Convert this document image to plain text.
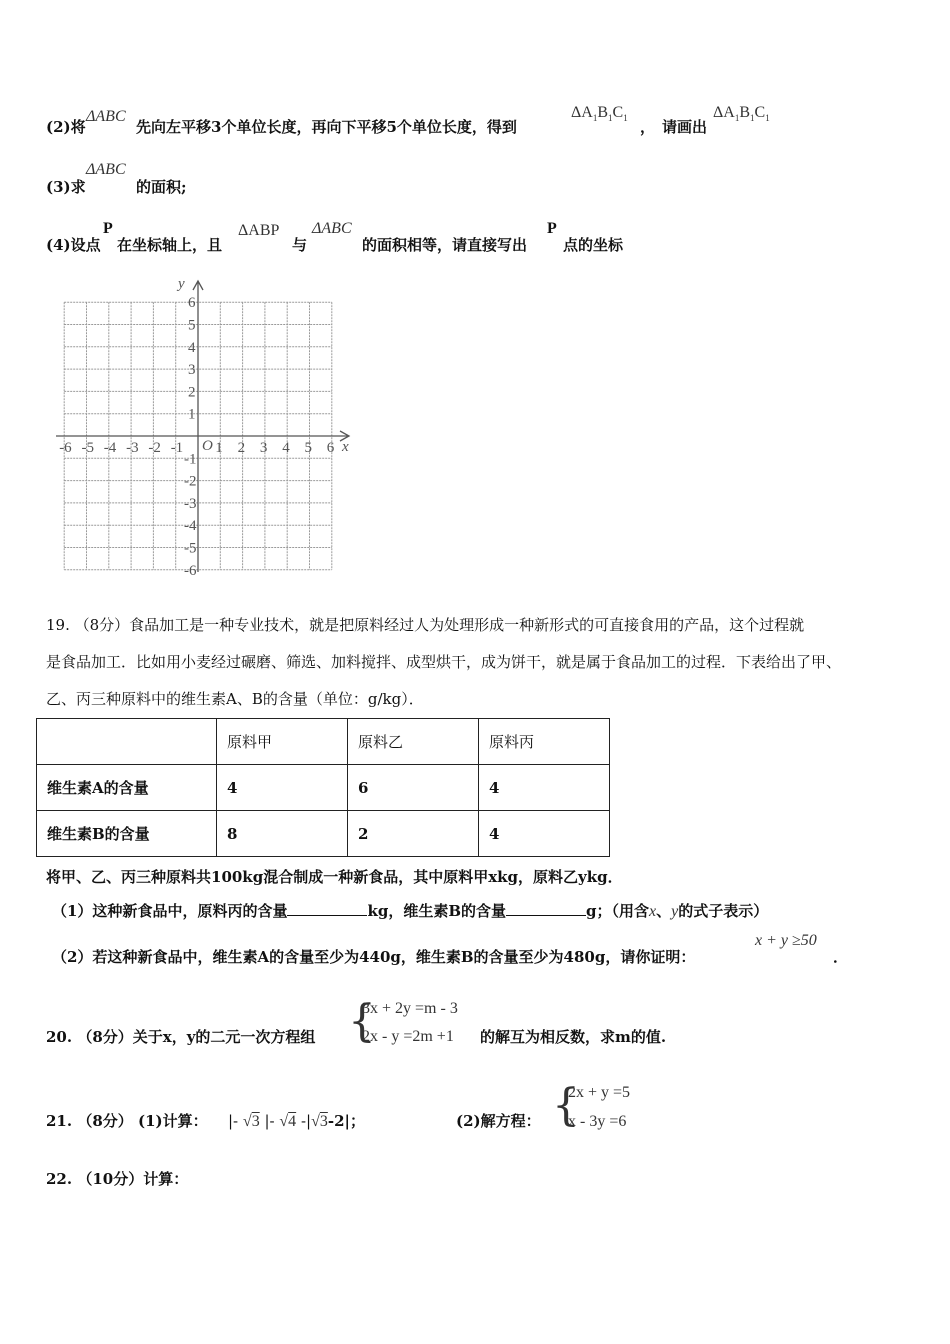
(2)将
ΔABC
先向左平移3个单位长度，再向下平移5个单位长度，得到
$\Delta A_1B_1C_1$ ， 请画出
$\Delta A_1B_1C_1$
(3)求
ΔABC
的面积;
(4)设点
P
在坐标轴上，且
ΔABP
与
ΔABC
的面积相等，请直接写出
P
点的坐标
x
y
O
-6 -5 -4 -3 -2 -1 1 2 3 4 5 6
6
5
4
3
2
1
-1
-2
-3
-4
-5
-6
19. （8分）食品加工是一种专业技术，就是把原料经过人为处理形成一种新形式的可直接食用的产品，这个过程就
是食品加工．比如用小麦经过碾磨、筛选、加料搅拌、成型烘干，成为饼干，就是属于食品加工的过程．下表给出了甲、
乙、丙三种原料中的维生素A、B的含量（单位：g/kg）．
	原料甲	原料乙	原料丙
维生素A的含量	4	6	4
维生素B的含量	8	2	4
将甲、乙、丙三种原料共100kg混合制成一种新食品，其中原料甲xkg，原料乙ykg．
（1）这种新食品中，原料丙的含量	kg，维生素B的含量	g；（用含x、y的式子表示）
（2）若这种新食品中，维生素A的含量至少为440g，维生素B的含量至少为480g，请你证明：
x + y ≥50
．
20. （8分）关于x，y的二元一次方程组 {
3x + 2y =m - 3
2x - y =2m +1 的解互为相反数，求m的值.
21. （8分） (1)计算： |- √3 |- √4 -|√3-2|；	(2)解方程： {
2x + y =5
x - 3y =6
22. （10分）计算：
